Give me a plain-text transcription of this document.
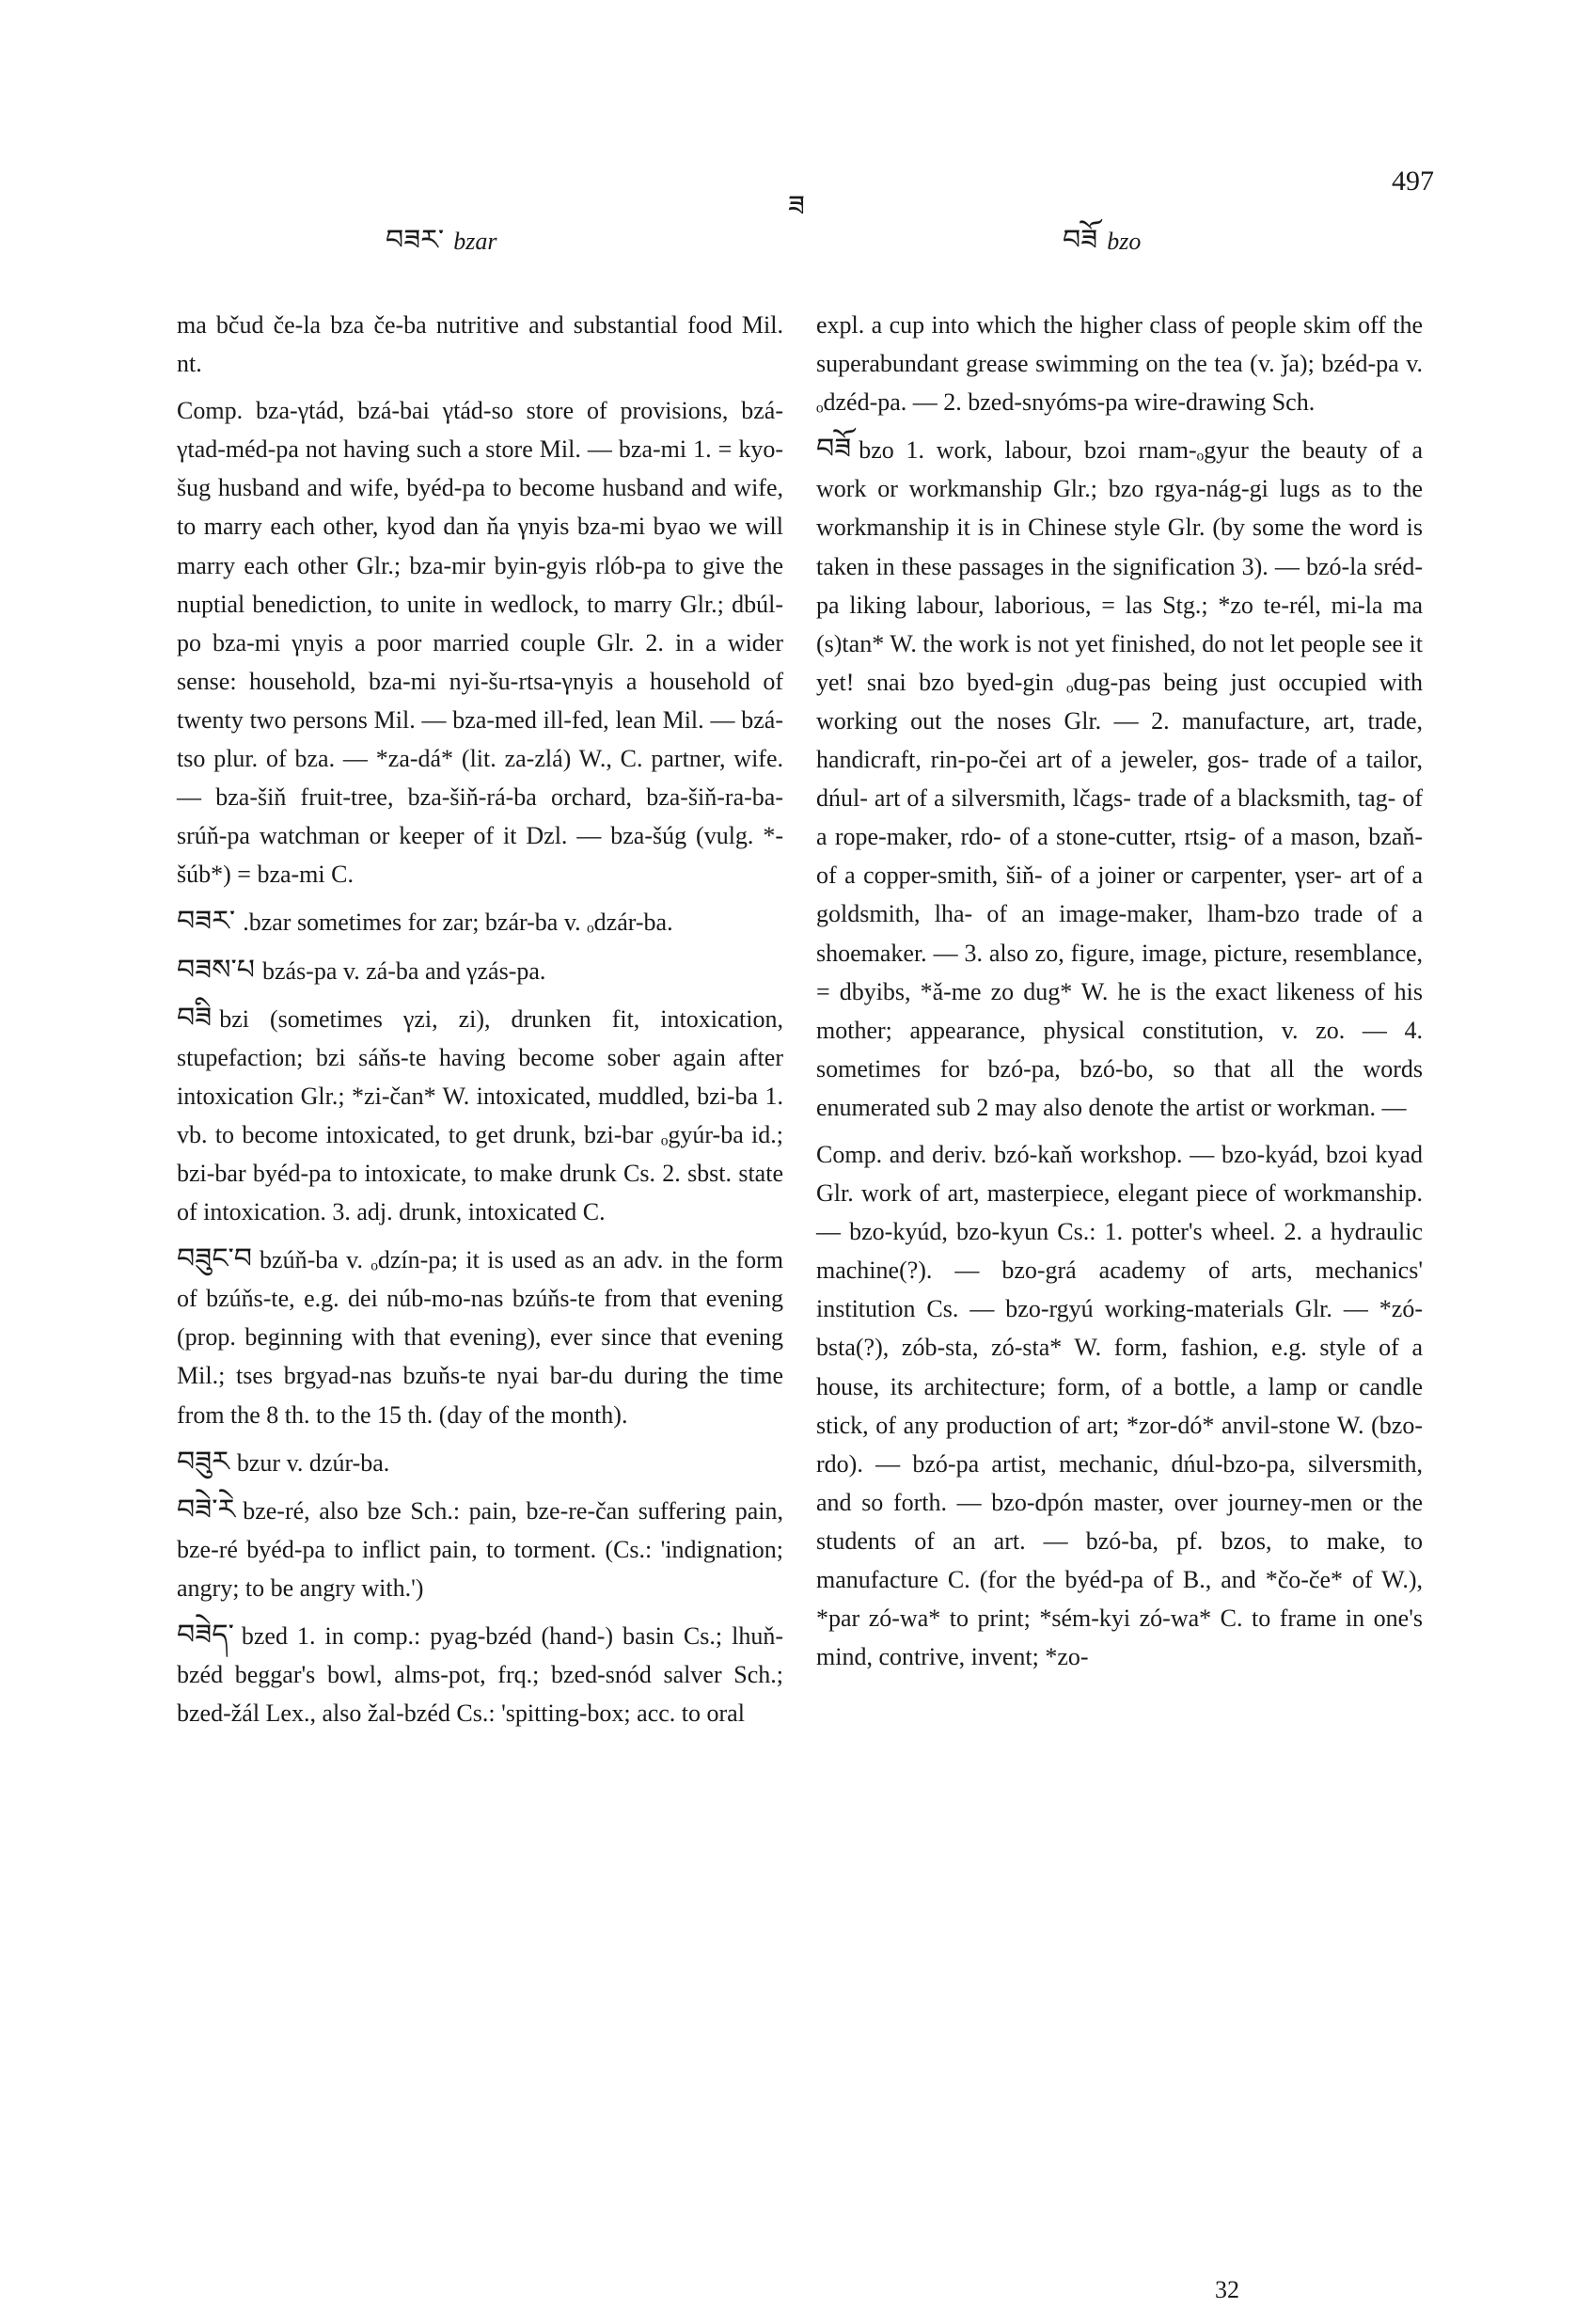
བཟར་ bzar
ཟ
བཟོ bzo
497

ma bčud če-la bza če-ba nutritive and substantial food Mil. nt.

Comp. bza-γtád, bzá-bai γtád-so store of provisions, bzá-γtad-méd-pa not having such a store Mil. — bza-mi 1. = kyo-šug husband and wife, byéd-pa to become husband and wife, to marry each other, kyod dan ňa γnyis bza-mi byao we will marry each other Glr.; bza-mir byin-gyis rlób-pa to give the nuptial benediction, to unite in wedlock, to marry Glr.; dbúl-po bza-mi γnyis a poor married couple Glr. 2. in a wider sense: household, bza-mi nyi-šu-rtsa-γnyis a household of twenty two persons Mil. — bza-med ill-fed, lean Mil. — bzá-tso plur. of bza. — *za-dá* (lit. za-zlá) W., C. partner, wife. — bza-šiň fruit-tree, bza-šiň-rá-ba orchard, bza-šiň-ra-ba-srúň-pa watchman or keeper of it Dzl. — bza-šúg (vulg. *-šúb*) = bza-mi C.

བཟར་ .bzar sometimes for zar; bzár-ba v. ₒdzár-ba.

བཟས་པ bzás-pa v. zá-ba and γzás-pa.

བཟི bzi (sometimes γzi, zi), drunken fit, intoxication, stupefaction; bzi sáňs-te having become sober again after intoxication Glr.; *zi-čan* W. intoxicated, muddled, bzi-ba 1. vb. to become intoxicated, to get drunk, bzi-bar ₒgyúr-ba id.; bzi-bar byéd-pa to intoxicate, to make drunk Cs. 2. sbst. state of intoxication. 3. adj. drunk, intoxicated C.

བཟུང་བ bzúň-ba v. ₒdzín-pa; it is used as an adv. in the form of bzúňs-te, e.g. dei núb-mo-nas bzúňs-te from that evening (prop. beginning with that evening), ever since that evening Mil.; tses brgyad-nas bzuňs-te nyai bar-du during the time from the 8 th. to the 15 th. (day of the month).

བཟུར bzur v. dzúr-ba.

བཟེ་རེ bze-ré, also bze Sch.: pain, bze-re-čan suffering pain, bze-ré byéd-pa to inflict pain, to torment. (Cs.: 'indignation; angry; to be angry with.')

བཟེད་ bzed 1. in comp.: pyag-bzéd (hand-) basin Cs.; lhuň-bzéd beggar's bowl, alms-pot, frq.; bzed-snód salver Sch.; bzed-žál Lex., also žal-bzéd Cs.: 'spitting-box; acc. to oral

expl. a cup into which the higher class of people skim off the superabundant grease swimming on the tea (v. ǰa); bzéd-pa v. ₒdzéd-pa. — 2. bzed-snyóms-pa wire-drawing Sch.

བཟོ bzo 1. work, labour, bzoi rnam-ₒgyur the beauty of a work or workmanship Glr.; bzo rgya-nág-gi lugs as to the workmanship it is in Chinese style Glr. (by some the word is taken in these passages in the signification 3). — bzó-la sréd-pa liking labour, laborious, = las Stg.; *zo te-rél, mi-la ma (s)tan* W. the work is not yet finished, do not let people see it yet! snai bzo byed-gin ₒdug-pas being just occupied with working out the noses Glr. — 2. manufacture, art, trade, handicraft, rin-po-čei art of a jeweler, gos- trade of a tailor, dńul- art of a silversmith, lčags- trade of a blacksmith, tag- of a rope-maker, rdo- of a stone-cutter, rtsig- of a mason, bzaň- of a copper-smith, šiň- of a joiner or carpenter, γser- art of a goldsmith, lha- of an image-maker, lham-bzo trade of a shoemaker. — 3. also zo, figure, image, picture, resemblance, = dbyibs, *ǎ-me zo dug* W. he is the exact likeness of his mother; appearance, physical constitution, v. zo. — 4. sometimes for bzó-pa, bzó-bo, so that all the words enumerated sub 2 may also denote the artist or workman. —

Comp. and deriv. bzó-kaň workshop. — bzo-kyád, bzoi kyad Glr. work of art, masterpiece, elegant piece of workmanship. — bzo-kyúd, bzo-kyun Cs.: 1. potter's wheel. 2. a hydraulic machine(?). — bzo-grá academy of arts, mechanics' institution Cs. — bzo-rgyú working-materials Glr. — *zó-bsta(?), zób-sta, zó-sta* W. form, fashion, e.g. style of a house, its architecture; form, of a bottle, a lamp or candle stick, of any production of art; *zor-dó* anvil-stone W. (bzo-rdo). — bzó-pa artist, mechanic, dńul-bzo-pa, silversmith, and so forth. — bzo-dpón master, over journey-men or the students of an art. — bzó-ba, pf. bzos, to make, to manufacture C. (for the byéd-pa of B., and *čo-če* of W.), *par zó-wa* to print; *sém-kyi zó-wa* C. to frame in one's mind, contrive, invent; *zo-

32
